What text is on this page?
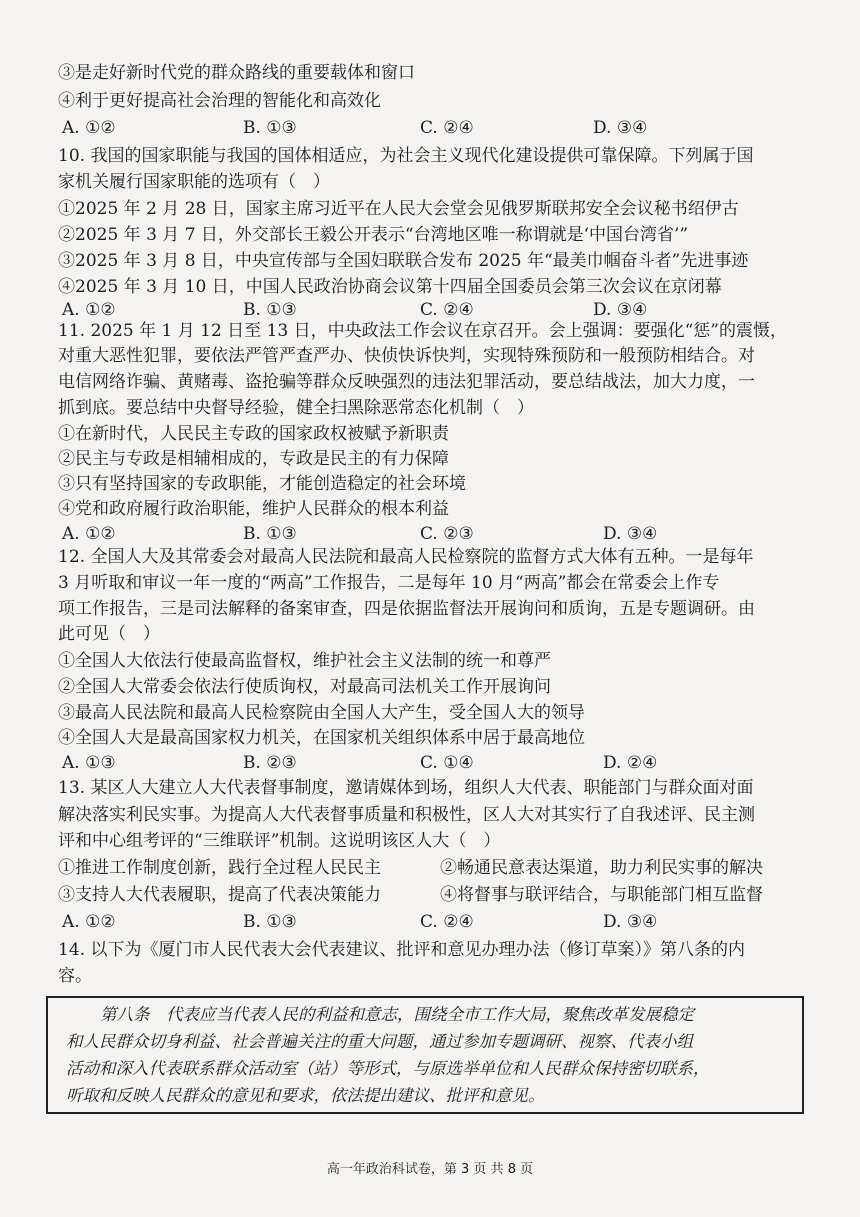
③是走好新时代党的群众路线的重要载体和窗口
④利于更好提高社会治理的智能化和高效化
A. ①②	B. ①③	C. ②④	D. ③④
10. 我国的国家职能与我国的国体相适应，为社会主义现代化建设提供可靠保障。下列属于国
家机关履行国家职能的选项有（　）
①2025 年 2 月 28 日，国家主席习近平在人民大会堂会见俄罗斯联邦安全会议秘书绍伊古
②2025 年 3 月 7 日，外交部长王毅公开表示“台湾地区唯一称谓就是‘中国台湾省’”
③2025 年 3 月 8 日，中央宣传部与全国妇联联合发布 2025 年“最美巾帼奋斗者”先进事迹
④2025 年 3 月 10 日，中国人民政治协商会议第十四届全国委员会第三次会议在京闭幕
A. ①②	B. ①③	C. ②④	D. ③④
11. 2025 年 1 月 12 日至 13 日，中央政法工作会议在京召开。会上强调：要强化“惩”的震慑，
对重大恶性犯罪，要依法严管严查严办、快侦快诉快判，实现特殊预防和一般预防相结合。对
电信网络诈骗、黄赌毒、盗抢骗等群众反映强烈的违法犯罪活动，要总结战法，加大力度，一
抓到底。要总结中央督导经验，健全扫黑除恶常态化机制（　）
①在新时代，人民民主专政的国家政权被赋予新职责
②民主与专政是相辅相成的，专政是民主的有力保障
③只有坚持国家的专政职能，才能创造稳定的社会环境
④党和政府履行政治职能，维护人民群众的根本利益
A. ①②	B. ①③	C. ②③	D. ③④
12. 全国人大及其常委会对最高人民法院和最高人民检察院的监督方式大体有五种。一是每年
3 月听取和审议一年一度的“两高”工作报告，二是每年 10 月“两高”都会在常委会上作专
项工作报告，三是司法解释的备案审查，四是依据监督法开展询问和质询，五是专题调研。由
此可见（　）
①全国人大依法行使最高监督权，维护社会主义法制的统一和尊严
②全国人大常委会依法行使质询权，对最高司法机关工作开展询问
③最高人民法院和最高人民检察院由全国人大产生，受全国人大的领导
④全国人大是最高国家权力机关，在国家机关组织体系中居于最高地位
A. ①③	B. ②③	C. ①④	D. ②④
13. 某区人大建立人大代表督事制度，邀请媒体到场，组织人大代表、职能部门与群众面对面
解决落实利民实事。为提高人大代表督事质量和积极性，区人大对其实行了自我述评、民主测
评和中心组考评的“三维联评”机制。这说明该区人大（　）
①推进工作制度创新，践行全过程人民民主	②畅通民意表达渠道，助力利民实事的解决
③支持人大代表履职，提高了代表决策能力	④将督事与联评结合，与职能部门相互监督
A. ①②	B. ①③	C. ②④	D. ③④
14. 以下为《厦门市人民代表大会代表建议、批评和意见办理办法（修订草案）》第八条的内
容。
第八条　代表应当代表人民的利益和意志，围绕全市工作大局，聚焦改革发展稳定
和人民群众切身利益、社会普遍关注的重大问题，通过参加专题调研、视察、代表小组
活动和深入代表联系群众活动室（站）等形式，与原选举单位和人民群众保持密切联系，
听取和反映人民群众的意见和要求，依法提出建议、批评和意见。
高一年政治科试卷，第 3 页 共 8 页
